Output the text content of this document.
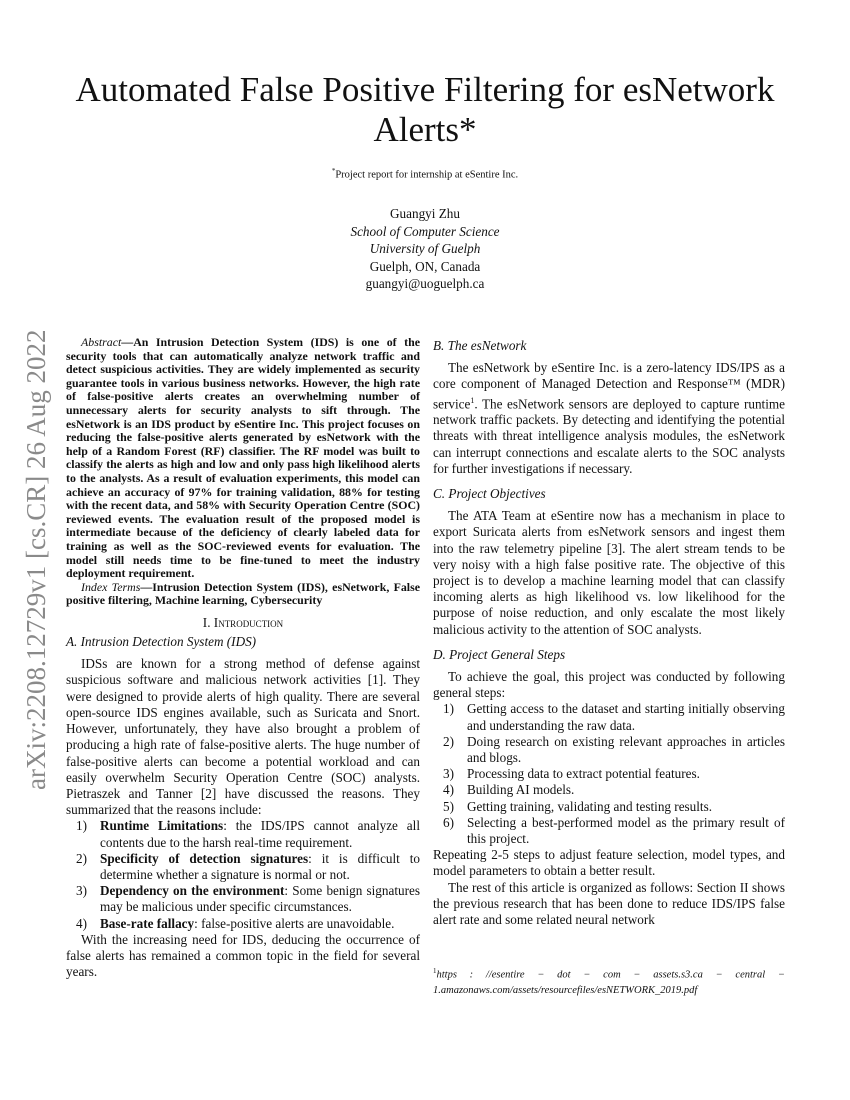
arXiv:2208.12729v1 [cs.CR] 26 Aug 2022
Automated False Positive Filtering for esNetwork
Alerts*
*Project report for internship at eSentire Inc.
Guangyi Zhu
School of Computer Science
University of Guelph
Guelph, ON, Canada
guangyi@uoguelph.ca

Abstract—An Intrusion Detection System (IDS) is one of the security tools that can automatically analyze network traffic and detect suspicious activities. They are widely implemented as security guarantee tools in various business networks. However, the high rate of false-positive alerts creates an overwhelming number of unnecessary alerts for security analysts to sift through. The esNetwork is an IDS product by eSentire Inc. This project focuses on reducing the false-positive alerts generated by esNetwork with the help of a Random Forest (RF) classifier. The RF model was built to classify the alerts as high and low and only pass high likelihood alerts to the analysts. As a result of evaluation experiments, this model can achieve an accuracy of 97% for training validation, 88% for testing with the recent data, and 58% with Security Operation Centre (SOC) reviewed events. The evaluation result of the proposed model is intermediate because of the deficiency of clearly labeled data for training as well as the SOC-reviewed events for evaluation. The model still needs time to be fine-tuned to meet the industry deployment requirement.

Index Terms—Intrusion Detection System (IDS), esNetwork, False positive filtering, Machine learning, Cybersecurity

I. Introduction
A. Intrusion Detection System (IDS)

IDSs are known for a strong method of defense against suspicious software and malicious network activities [1]. They were designed to provide alerts of high quality. There are several open-source IDS engines available, such as Suricata and Snort. However, unfortunately, they have also brought a problem of producing a high rate of false-positive alerts. The huge number of false-positive alerts can become a potential workload and can easily overwhelm Security Operation Centre (SOC) analysts. Pietraszek and Tanner [2] have discussed the reasons. They summarized that the reasons include:

1) Runtime Limitations: the IDS/IPS cannot analyze all contents due to the harsh real-time requirement.
2) Specificity of detection signatures: it is difficult to determine whether a signature is normal or not.
3) Dependency on the environment: Some benign signatures may be malicious under specific circumstances.
4) Base-rate fallacy: false-positive alerts are unavoidable.

With the increasing need for IDS, deducing the occurrence of false alerts has remained a common topic in the field for several years.

B. The esNetwork

The esNetwork by eSentire Inc. is a zero-latency IDS/IPS as a core component of Managed Detection and Response™ (MDR) service$^1$. The esNetwork sensors are deployed to capture runtime network traffic packets. By detecting and identifying the potential threats with threat intelligence analysis modules, the esNetwork can interrupt connections and escalate alerts to the SOC analysts for further investigations if necessary.

C. Project Objectives

The ATA Team at eSentire now has a mechanism in place to export Suricata alerts from esNetwork sensors and ingest them into the raw telemetry pipeline [3]. The alert stream tends to be very noisy with a high false positive rate. The objective of this project is to develop a machine learning model that can classify incoming alerts as high likelihood vs. low likelihood for the purpose of noise reduction, and only escalate the most likely malicious activity to the attention of SOC analysts.

D. Project General Steps

To achieve the goal, this project was conducted by following general steps:

1) Getting access to the dataset and starting initially observing and understanding the raw data.
2) Doing research on existing relevant approaches in articles and blogs.
3) Processing data to extract potential features.
4) Building AI models.
5) Getting training, validating and testing results.
6) Selecting a best-performed model as the primary result of this project.

Repeating 2-5 steps to adjust feature selection, model types, and model parameters to obtain a better result.

The rest of this article is organized as follows: Section II shows the previous research that has been done to reduce IDS/IPS false alert rate and some related neural network

$^1$https : //esentire − dot − com − assets.s3.ca − central − 1.amazonaws.com/assets/resourcefiles/esNETWORK_2019.pdf
